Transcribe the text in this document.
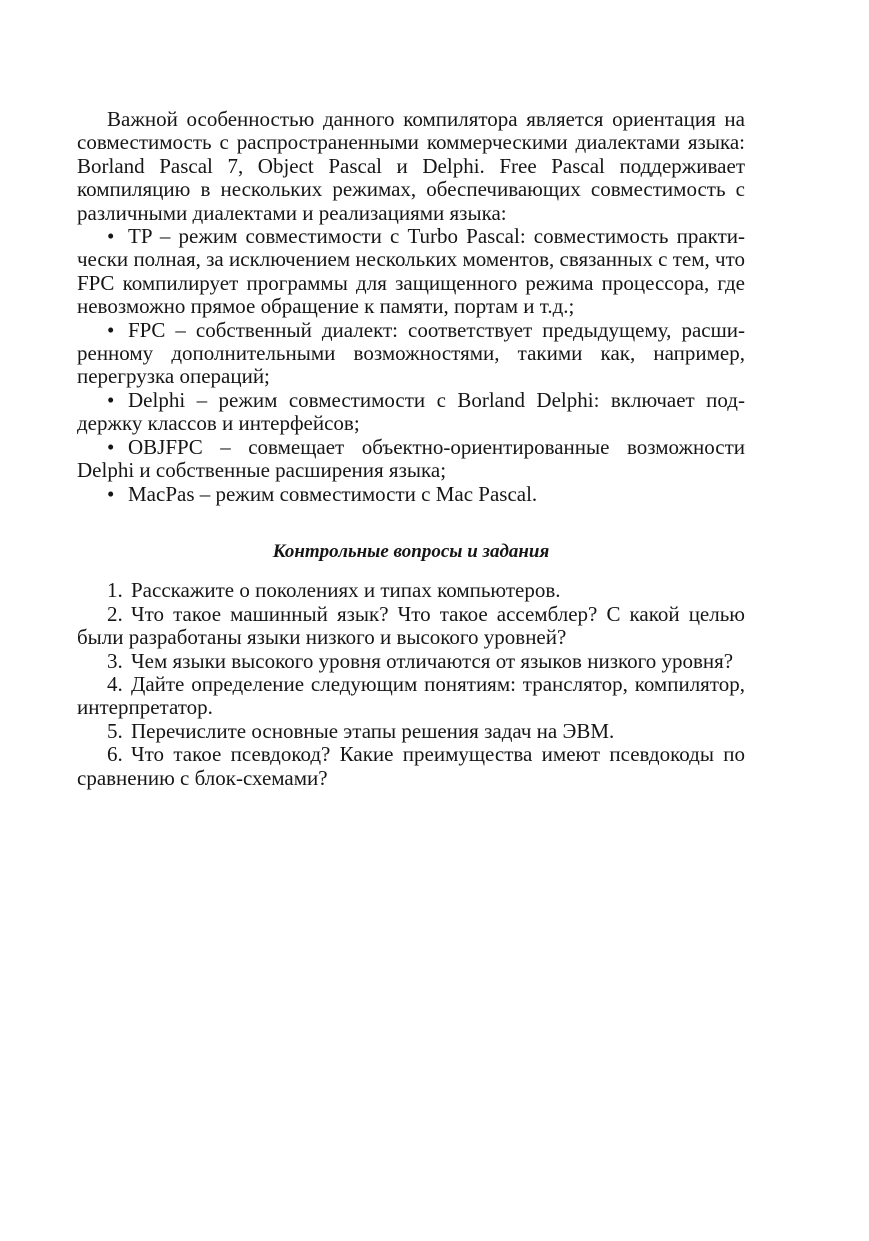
Важной особенностью данного компилятора является ориентация на совместимость с распространенными коммерческими диалектами языка: Borland Pascal 7, Object Pascal и Delphi. Free Pascal поддерживает компиляцию в нескольких режимах, обеспечивающих совместимость с различными диалектами и реализациями языка:

• TP – режим совместимости с Turbo Pascal: совместимость практически полная, за исключением нескольких моментов, связанных с тем, что FPC компилирует программы для защищенного режима процессора, где невозможно прямое обращение к памяти, портам и т.д.;

• FPC – собственный диалект: соответствует предыдущему, расширенному дополнительными возможностями, такими как, например, перегрузка операций;

• Delphi – режим совместимости с Borland Delphi: включает поддержку классов и интерфейсов;

• OBJFPC – совмещает объектно-ориентированные возможности Delphi и собственные расширения языка;

• MacPas – режим совместимости с Mac Pascal.

Контрольные вопросы и задания

1. Расскажите о поколениях и типах компьютеров.

2. Что такое машинный язык? Что такое ассемблер? С какой целью были разработаны языки низкого и высокого уровней?

3. Чем языки высокого уровня отличаются от языков низкого уровня?

4. Дайте определение следующим понятиям: транслятор, компилятор, интерпретатор.

5. Перечислите основные этапы решения задач на ЭВМ.

6. Что такое псевдокод? Какие преимущества имеют псевдокоды по сравнению с блок-схемами?
